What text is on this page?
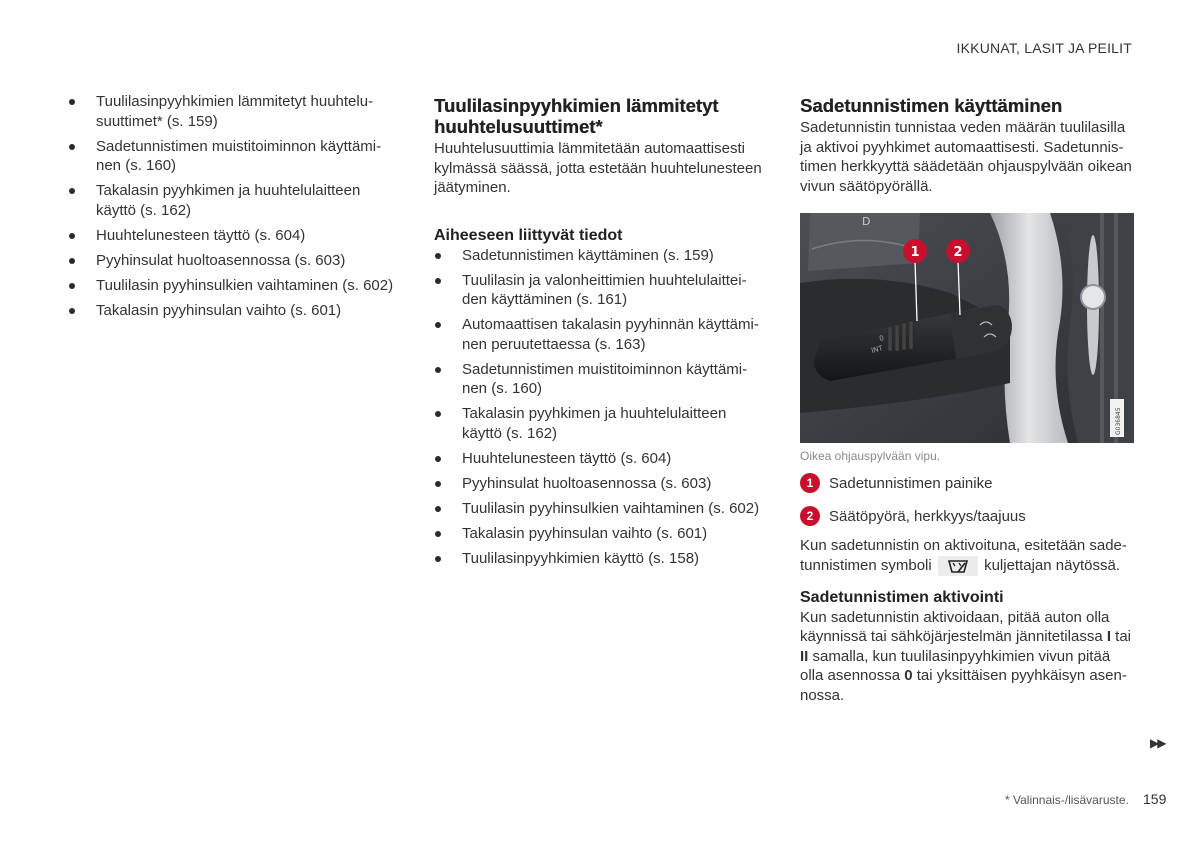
IKKUNAT, LASIT JA PEILIT
Tuulilasinpyyhkimien lämmitetyt huuhtelu-
suuttimet* (s. 159)
Sadetunnistimen muistitoiminnon käyttämi-
nen (s. 160)
Takalasin pyyhkimen ja huuhtelulaitteen
käyttö (s. 162)
Huuhtelunesteen täyttö (s. 604)
Pyyhinsulat huoltoasennossa (s. 603)
Tuulilasin pyyhinsulkien vaihtaminen (s. 602)
Takalasin pyyhinsulan vaihto (s. 601)
Tuulilasinpyyhkimien lämmitetyt
huuhtelusuuttimet*

Huuhtelusuuttimia lämmitetään automaattisesti
kylmässä säässä, jotta estetään huuhtelunesteen
jäätyminen.

Aiheeseen liittyvät tiedot
Sadetunnistimen käyttäminen (s. 159)
Tuulilasin ja valonheittimien huuhtelulaittei-
den käyttäminen (s. 161)
Automaattisen takalasin pyyhinnän käyttämi-
nen peruutettaessa (s. 163)
Sadetunnistimen muistitoiminnon käyttämi-
nen (s. 160)
Takalasin pyyhkimen ja huuhtelulaitteen
käyttö (s. 162)
Huuhtelunesteen täyttö (s. 604)
Pyyhinsulat huoltoasennossa (s. 603)
Tuulilasin pyyhinsulkien vaihtaminen (s. 602)
Takalasin pyyhinsulan vaihto (s. 601)
Tuulilasinpyyhkimien käyttö (s. 158)
Sadetunnistimen käyttäminen

Sadetunnistin tunnistaa veden määrän tuulilasilla
ja aktivoi pyyhkimet automaattisesti. Sadetunnis-
timen herkkyyttä säädetään ohjauspylvään oikean
vivun säätöpyörällä.

D
INT
0
1	2
G036845
Oikea ohjauspylvään vipu.
1	Sadetunnistimen painike
2	Säätöpyörä, herkkyys/taajuus

Kun sadetunnistin on aktivoituna, esitetään sade-
tunnistimen symboli	kuljettajan näytössä.

Sadetunnistimen aktivointi

Kun sadetunnistin aktivoidaan, pitää auton olla
käynnissä tai sähköjärjestelmän jännitetilassa I tai
II samalla, kun tuulilasinpyyhkimien vivun pitää
olla asennossa 0 tai yksittäisen pyyhkäisyn asen-
nossa.

▶▶
* Valinnais-/lisävaruste. 159
